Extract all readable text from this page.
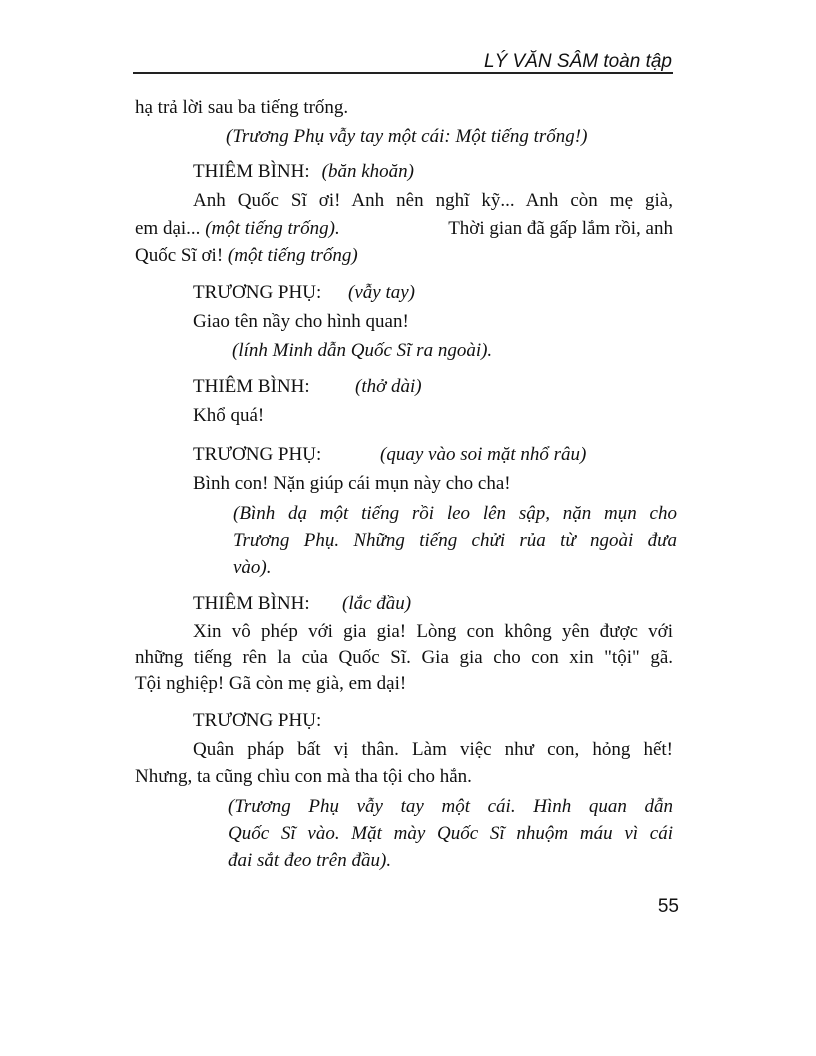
LÝ VĂN SÂM toàn tập
hạ trả lời sau ba tiếng trống.
(Trương Phụ vẫy tay một cái: Một tiếng trống!)
THIÊM BÌNH: (băn khoăn)
Anh Quốc Sĩ ơi! Anh nên nghĩ kỹ... Anh còn mẹ già,
em dại... (một tiếng trống).	Thời gian đã gấp lắm rồi, anh
Quốc Sĩ ơi!
(một tiếng trống)
TRƯƠNG PHỤ:	(vẫy tay)
Giao tên nầy cho hình quan!
(lính Minh dẫn Quốc Sĩ ra ngoài).
THIÊM BÌNH:	(thở dài)
Khổ quá!
TRƯƠNG PHỤ:	(quay vào soi mặt nhổ râu)
Bình con! Nặn giúp cái mụn này cho cha!
(Bình dạ một tiếng rồi leo lên sập, nặn mụn cho
Trương Phụ. Những tiếng chửi rủa từ ngoài đưa
vào).
THIÊM BÌNH:	(lắc đầu)
Xin vô phép với gia gia! Lòng con không yên được với
những tiếng rên la của Quốc Sĩ. Gia gia cho con xin "tội" gã.
Tội nghiệp! Gã còn mẹ già, em dại!
TRƯƠNG PHỤ:
Quân pháp bất vị thân. Làm việc như con, hỏng hết!
Nhưng, ta cũng chìu con mà tha tội cho hắn.
(Trương Phụ vẫy tay một cái. Hình quan dẫn
Quốc Sĩ vào. Mặt mày Quốc Sĩ nhuộm máu vì cái
đai sắt đeo trên đầu).
55
